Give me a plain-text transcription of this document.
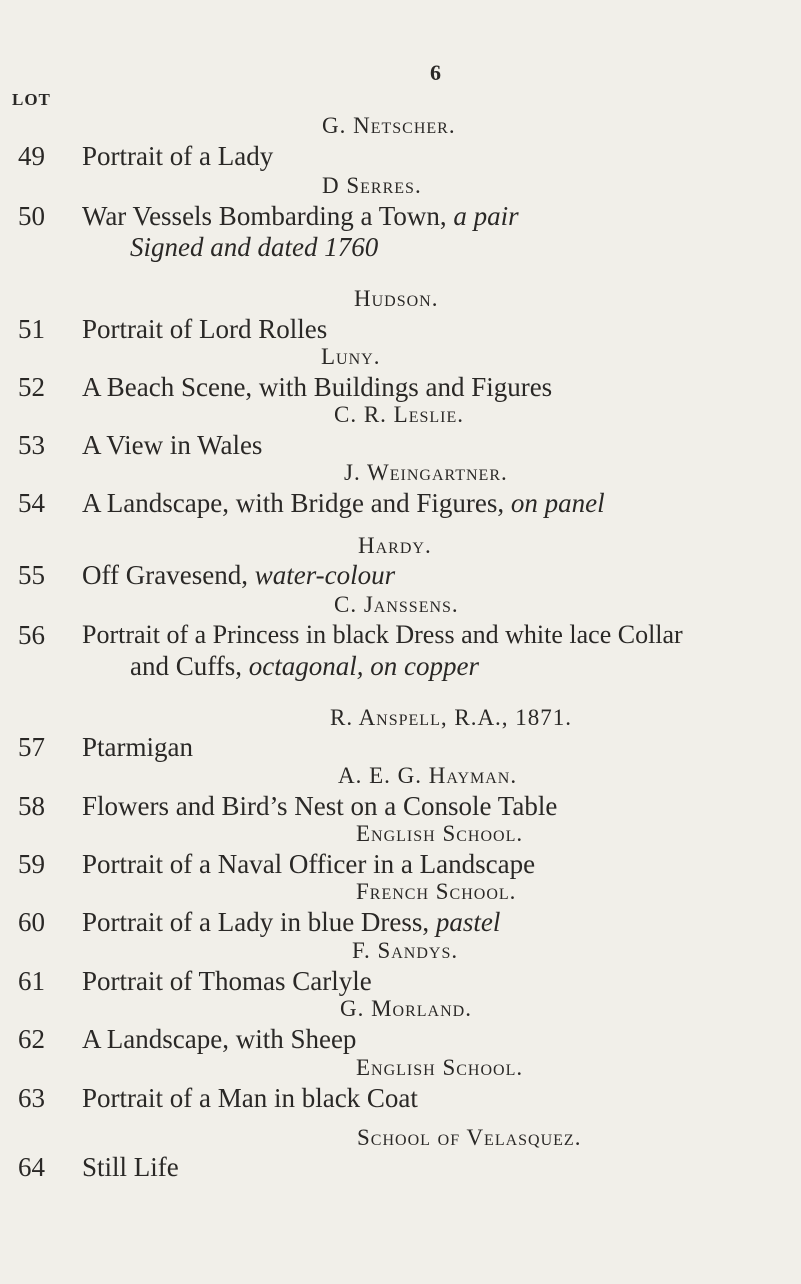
LOT
6
G. Netscher.
49 Portrait of a Lady
D Serres.
50 War Vessels Bombarding a Town, a pair
Signed and dated 1760
Hudson.
51 Portrait of Lord Rolles
Luny.
52 A Beach Scene, with Buildings and Figures
C. R. Leslie.
53 A View in Wales
J. Weingartner.
54 A Landscape, with Bridge and Figures, on panel
Hardy.
55 Off Gravesend, water-colour
C. Janssens.
56 Portrait of a Princess in black Dress and white lace Collar
and Cuffs, octagonal, on copper
R. Anspell, R.A., 1871.
57 Ptarmigan
A. E. G. Hayman.
58 Flowers and Bird’s Nest on a Console Table
English School.
59 Portrait of a Naval Officer in a Landscape
French School.
60 Portrait of a Lady in blue Dress, pastel
F. Sandys.
61 Portrait of Thomas Carlyle
G. Morland.
62 A Landscape, with Sheep
English School.
63 Portrait of a Man in black Coat
School of Velasquez.
64 Still Life
